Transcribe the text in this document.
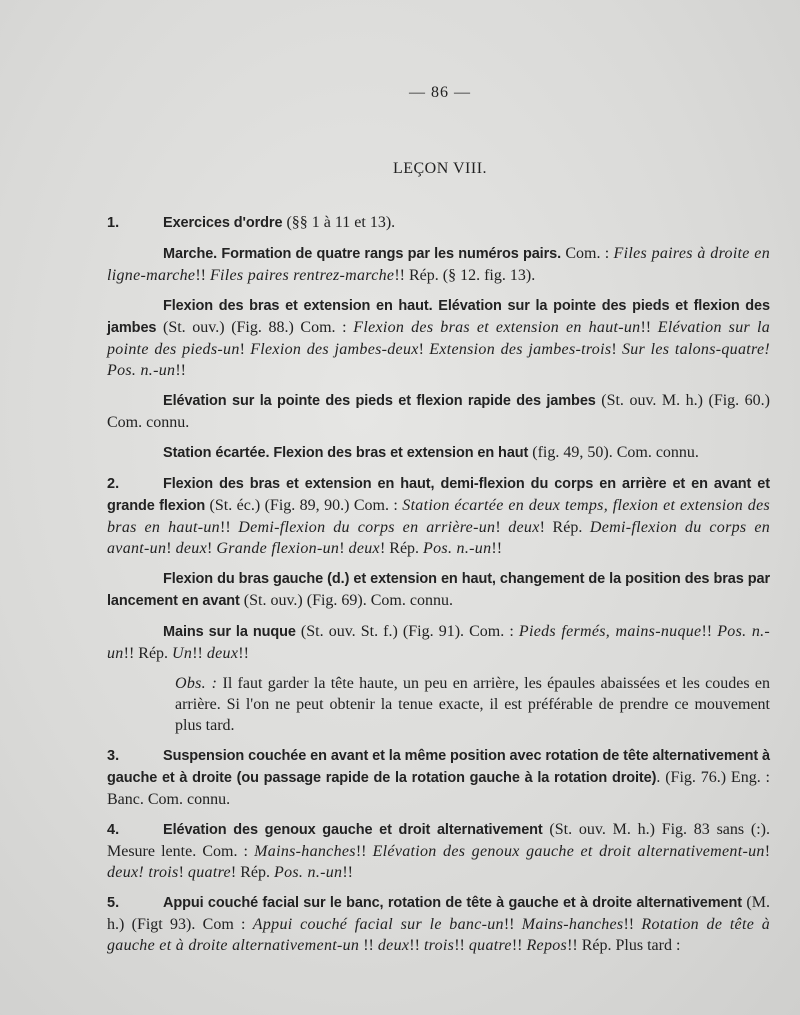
— 86 —
LEÇON VIII.

1.	Exercices d'ordre (§§ 1 à 11 et 13).

Marche. Formation de quatre rangs par les numéros pairs. Com. : Files paires à droite en ligne-marche!! Files paires rentrez-marche!! Rép. (§ 12. fig. 13).

Flexion des bras et extension en haut. Elévation sur la pointe des pieds et flexion des jambes (St. ouv.) (Fig. 88.) Com. : Flexion des bras et extension en haut-un!! Elévation sur la pointe des pieds-un! Flexion des jambes-deux! Extension des jambes-trois! Sur les talons-quatre! Pos. n.-un!!

Elévation sur la pointe des pieds et flexion rapide des jambes (St. ouv. M. h.) (Fig. 60.) Com. connu.

Station écartée. Flexion des bras et extension en haut (fig. 49, 50). Com. connu.

2.	Flexion des bras et extension en haut, demi-flexion du corps en arrière et en avant et grande flexion (St. éc.) (Fig. 89, 90.) Com. : Station écartée en deux temps, flexion et extension des bras en haut-un!! Demi-flexion du corps en arrière-un! deux! Rép. Demi-flexion du corps en avant-un! deux! Grande flexion-un! deux! Rép. Pos. n.-un!!

Flexion du bras gauche (d.) et extension en haut, changement de la position des bras par lancement en avant (St. ouv.) (Fig. 69). Com. connu.

Mains sur la nuque (St. ouv. St. f.) (Fig. 91). Com. : Pieds fermés, mains-nuque!! Pos. n.-un!! Rép. Un!! deux!!

Obs. : Il faut garder la tête haute, un peu en arrière, les épaules abaissées et les coudes en arrière. Si l'on ne peut obtenir la tenue exacte, il est préférable de prendre ce mouvement plus tard.

3.	Suspension couchée en avant et la même position avec rotation de tête alternativement à gauche et à droite (ou passage rapide de la rotation gauche à la rotation droite). (Fig. 76.) Eng. : Banc. Com. connu.

4.	Elévation des genoux gauche et droit alternativement (St. ouv. M. h.) Fig. 83 sans (:). Mesure lente. Com. : Mains-hanches!! Elévation des genoux gauche et droit alternativement-un! deux! trois! quatre! Rép. Pos. n.-un!!

5.	Appui couché facial sur le banc, rotation de tête à gauche et à droite alternativement (M. h.) (Figt 93). Com : Appui couché facial sur le banc-un!! Mains-hanches!! Rotation de tête à gauche et à droite alternativement-un !! deux!! trois!! quatre!! Repos!! Rép. Plus tard :
